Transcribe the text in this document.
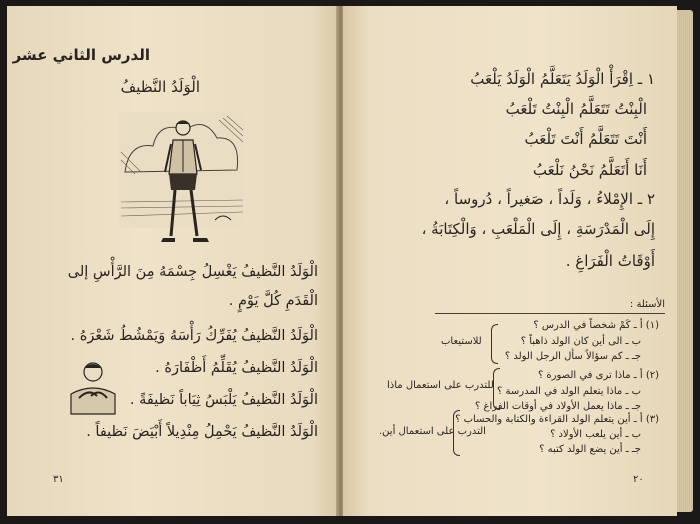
الدرس الثاني عشر
الْوَلَدُ النَّظيفُ
الْوَلَدُ النَّظيفُ يَغْسِلُ جِسْمَهُ مِنَ الرَّأْسِ إلى
الْقَدَمِ كُلَّ يَوْمٍ .
الْوَلَدُ النَّظيفُ يُفَرِّكُ رَأْسَهُ وَيَمْشُطُ شَعْرَهُ .
الْوَلَدُ النَّظيفُ يُقَلِّمُ أَظْفَارَهُ .
الْوَلَدُ النَّظيفُ يَلْبَسُ ثِيَاباً نَظيفَةً .
الْوَلَدُ النَّظيفُ يَحْمِلُ مِنْدِيلاً أَبْيَضَ نَظيفاً .
٣١
١ ـ اِقْرَأْ الْوَلَدُ يَتَعَلَّمُ الْوَلَدُ يَلْعَبُ
الْبِنْتُ تَتَعَلَّمُ الْبِنْتُ تَلْعَبُ
أَنْتَ تَتَعَلَّمُ أَنْتَ تَلْعَبُ
أَنَا أَتَعَلَّمُ نَحْنُ نَلْعَبُ
٢ ـ الإِمْلاءُ ، وَلَداً ، صَغيراً ، دُروساً ،
إِلَى الْمَدْرَسَةِ ، إِلَى الْمَلْعَبِ ، وَالْكِتَابَةُ ،
أَوْقَاتُ الْفَرَاغِ .
الأسئلة :
(١) أ ـ كَمْ شخصاً في الدرس ؟
ب ـ الى أين كان الولد ذاهباً ؟
جـ ـ كم سؤالاً سأل الرجل الولد ؟
(٢) أ ـ ماذا ترى في الصورة ؟
ب ـ ماذا يتعلم الولد في المدرسة ؟
جـ ـ ماذا يعمل الأولاد في أوقات الفراغ ؟
(٣) أ ـ أين يتعلم الولد القراءة والكتابة والحساب ؟
ب ـ أين يلعب الأولاد ؟
جـ ـ أين يضع الولد كتبه ؟
للاستيعاب
للتدرب على استعمال ماذا
التدرب على استعمال أين.
٢٠
